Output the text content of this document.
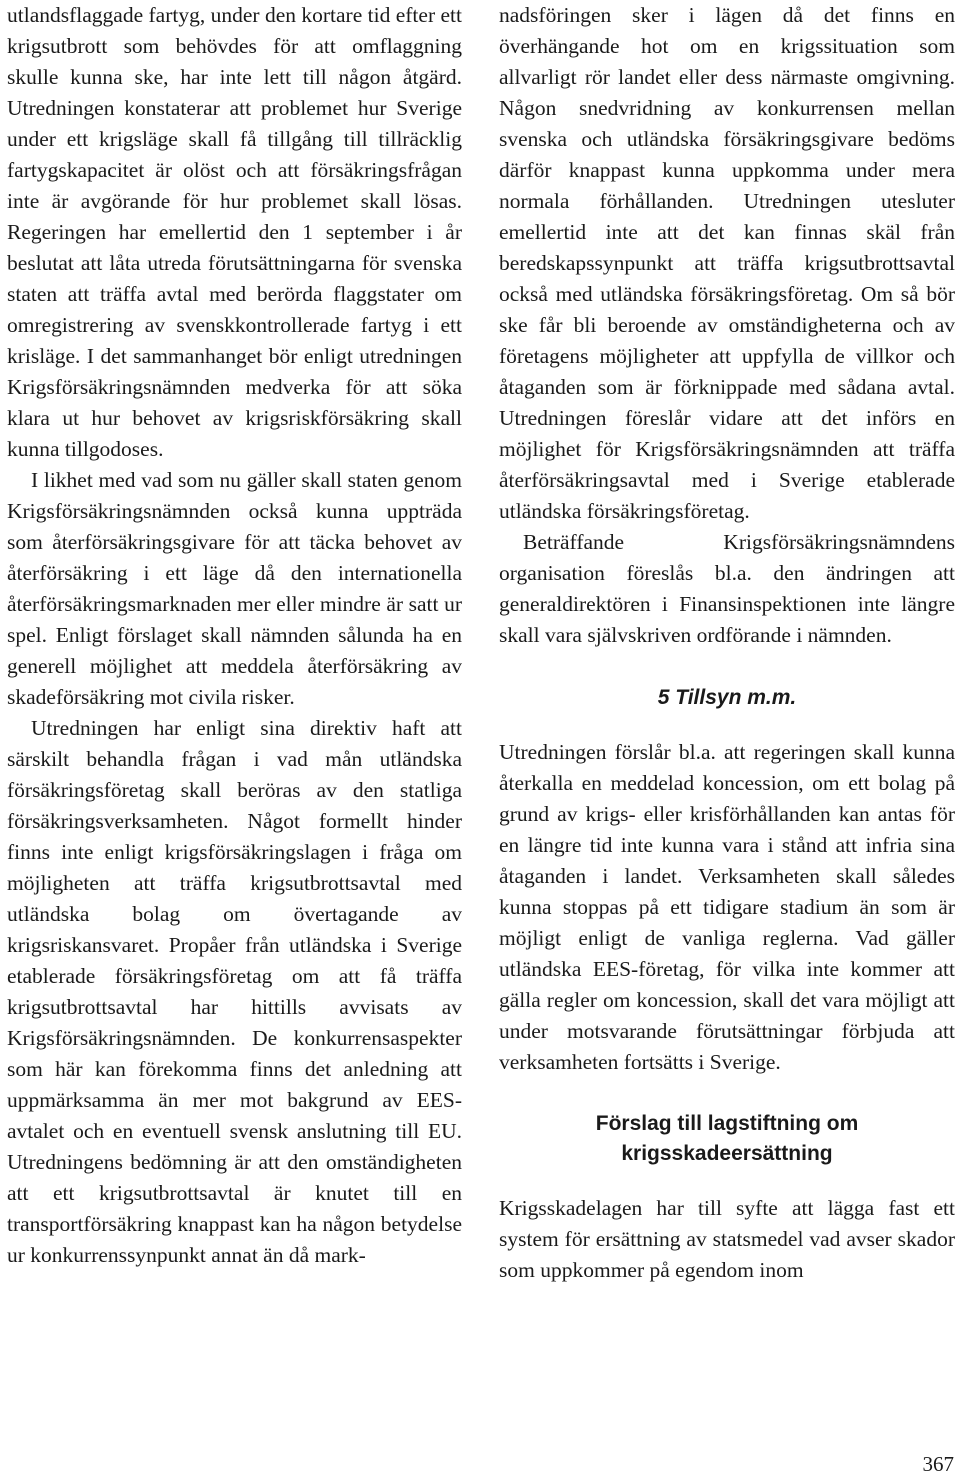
utlandsflaggade fartyg, under den kortare tid efter ett krigsutbrott som behövdes för att omflaggning skulle kunna ske, har inte lett till någon åtgärd. Utredningen konstaterar att problemet hur Sverige under ett krigsläge skall få tillgång till tillräcklig fartygskapacitet är olöst och att försäkringsfrågan inte är avgörande för hur problemet skall lösas. Regeringen har emellertid den 1 september i år beslutat att låta utreda förutsättningarna för svenska staten att träffa avtal med berörda flaggstater om omregistrering av svenskkontrollerade fartyg i ett krisläge. I det sammanhanget bör enligt utredningen Krigsförsäkringsnämnden medverka för att söka klara ut hur behovet av krigsriskförsäkring skall kunna tillgodoses.

I likhet med vad som nu gäller skall staten genom Krigsförsäkringsnämnden också kunna uppträda som återförsäkringsgivare för att täcka behovet av återförsäkring i ett läge då den internationella återförsäkringsmarknaden mer eller mindre är satt ur spel. Enligt förslaget skall nämnden sålunda ha en generell möjlighet att meddela återförsäkring av skadeförsäkring mot civila risker.

Utredningen har enligt sina direktiv haft att särskilt behandla frågan i vad mån utländska försäkringsföretag skall beröras av den statliga försäkringsverksamheten. Något formellt hinder finns inte enligt krigsförsäkringslagen i fråga om möjligheten att träffa krigsutbrottsavtal med utländska bolag om övertagande av krigsriskansvaret. Propåer från utländska i Sverige etablerade försäkringsföretag om att få träffa krigsutbrottsavtal har hittills avvisats av Krigsförsäkringsnämnden. De konkurrensaspekter som här kan förekomma finns det anledning att uppmärksamma än mer mot bakgrund av EES-avtalet och en eventuell svensk anslutning till EU. Utredningens bedömning är att den omständigheten att ett krigsutbrottsavtal är knutet till en transportförsäkring knappast kan ha någon betydelse ur konkurrenssynpunkt annat än då mark-

nadsföringen sker i lägen då det finns en överhängande hot om en krigssituation som allvarligt rör landet eller dess närmaste omgivning. Någon snedvridning av konkurrensen mellan svenska och utländska försäkringsgivare bedöms därför knappast kunna uppkomma under mera normala förhållanden. Utredningen utesluter emellertid inte att det kan finnas skäl från beredskapssynpunkt att träffa krigsutbrottsavtal också med utländska försäkringsföretag. Om så bör ske får bli beroende av omständigheterna och av företagens möjligheter att uppfylla de villkor och åtaganden som är förknippade med sådana avtal. Utredningen föreslår vidare att det införs en möjlighet för Krigsförsäkringsnämnden att träffa återförsäkringsavtal med i Sverige etablerade utländska försäkringsföretag.

Beträffande Krigsförsäkringsnämndens organisation föreslås bl.a. den ändringen att generaldirektören i Finansinspektionen inte längre skall vara självskriven ordförande i nämnden.

5 Tillsyn m.m.

Utredningen förslår bl.a. att regeringen skall kunna återkalla en meddelad koncession, om ett bolag på grund av krigs- eller krisförhållanden kan antas för en längre tid inte kunna vara i stånd att infria sina åtaganden i landet. Verksamheten skall således kunna stoppas på ett tidigare stadium än som är möjligt enligt de vanliga reglerna. Vad gäller utländska EES-företag, för vilka inte kommer att gälla regler om koncession, skall det vara möjligt att under motsvarande förutsättningar förbjuda att verksamheten fortsätts i Sverige.

Förslag till lagstiftning om
krigsskadeersättning

Krigsskadelagen har till syfte att lägga fast ett system för ersättning av statsmedel vad avser skador som uppkommer på egendom inom

367
